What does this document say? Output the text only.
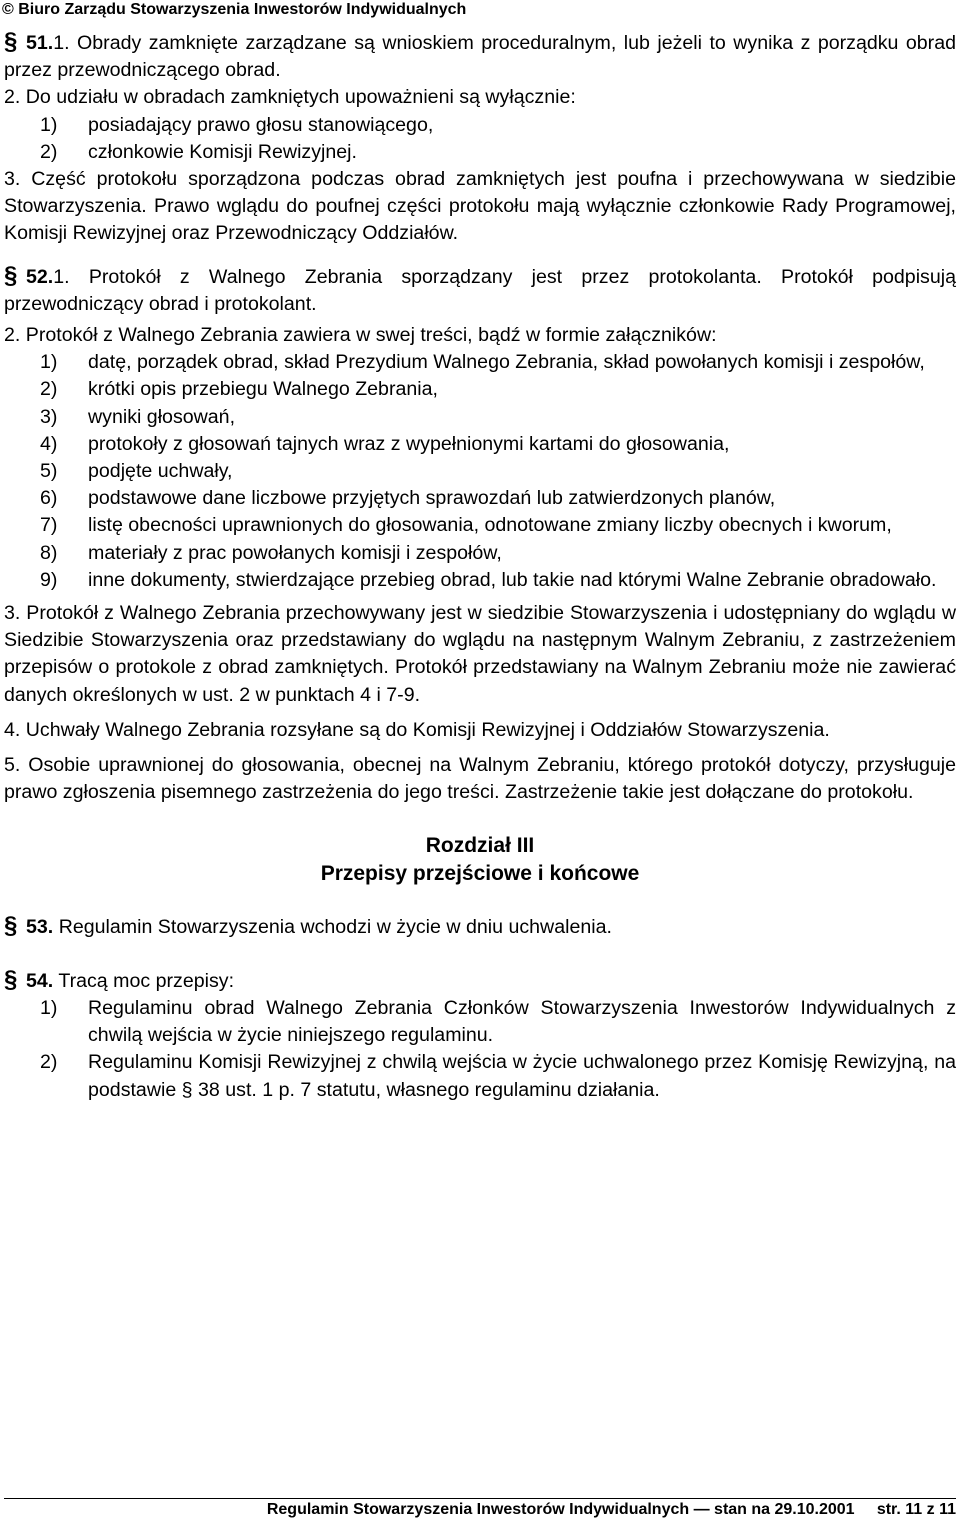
© Biuro Zarządu Stowarzyszenia Inwestorów Indywidualnych

§ 51.1. Obrady zamknięte zarządzane są wnioskiem proceduralnym, lub jeżeli to wynika z porządku obrad przez przewodniczącego obrad.

2. Do udziału w obradach zamkniętych upoważnieni są wyłącznie:

1)	posiadający prawo głosu stanowiącego,
2)	członkowie Komisji Rewizyjnej.

3. Część protokołu sporządzona podczas obrad zamkniętych jest poufna i przechowywana w siedzibie Stowarzyszenia. Prawo wglądu do poufnej części protokołu mają wyłącznie członkowie Rady Programowej, Komisji Rewizyjnej oraz Przewodniczący Oddziałów.

§ 52.1. Protokół z Walnego Zebrania sporządzany jest przez protokolanta. Protokół podpisują przewodniczący obrad i protokolant.

2. Protokół z Walnego Zebrania zawiera w swej treści, bądź w formie załączników:

1)	datę, porządek obrad, skład Prezydium Walnego Zebrania, skład powołanych komisji i zespołów,
2)	krótki opis przebiegu Walnego Zebrania,
3)	wyniki głosowań,
4)	protokoły z głosowań tajnych wraz z wypełnionymi kartami do głosowania,
5)	podjęte uchwały,
6)	podstawowe dane liczbowe przyjętych sprawozdań lub zatwierdzonych planów,
7)	listę obecności uprawnionych do głosowania, odnotowane zmiany liczby obecnych i kworum,
8)	materiały z prac powołanych komisji i zespołów,
9)	inne dokumenty, stwierdzające przebieg obrad, lub takie nad którymi Walne Zebranie obradowało.

3. Protokół z Walnego Zebrania przechowywany jest w siedzibie Stowarzyszenia i udostępniany do wglądu w Siedzibie Stowarzyszenia oraz przedstawiany do wglądu na następnym Walnym Zebraniu, z zastrzeżeniem przepisów o protokole z obrad zamkniętych. Protokół przedstawiany na Walnym Zebraniu może nie zawierać danych określonych w ust. 2 w punktach 4 i 7-9.

4. Uchwały Walnego Zebrania rozsyłane są do Komisji Rewizyjnej i Oddziałów Stowarzyszenia.

5. Osobie uprawnionej do głosowania, obecnej na Walnym Zebraniu, którego protokół dotyczy, przysługuje prawo zgłoszenia pisemnego zastrzeżenia do jego treści. Zastrzeżenie takie jest dołączane do protokołu.

Rozdział III
Przepisy przejściowe i końcowe

§ 53. Regulamin Stowarzyszenia wchodzi w życie w dniu uchwalenia.

§ 54. Tracą moc przepisy:

1)	Regulaminu obrad Walnego Zebrania Członków Stowarzyszenia Inwestorów Indywidualnych z chwilą wejścia w życie niniejszego regulaminu.
2)	Regulaminu Komisji Rewizyjnej z chwilą wejścia w życie uchwalonego przez Komisję Rewizyjną, na podstawie § 38 ust. 1 p. 7 statutu, własnego regulaminu działania.
Regulamin Stowarzyszenia Inwestorów Indywidualnych — stan na 29.10.2001 str. 11 z 11
